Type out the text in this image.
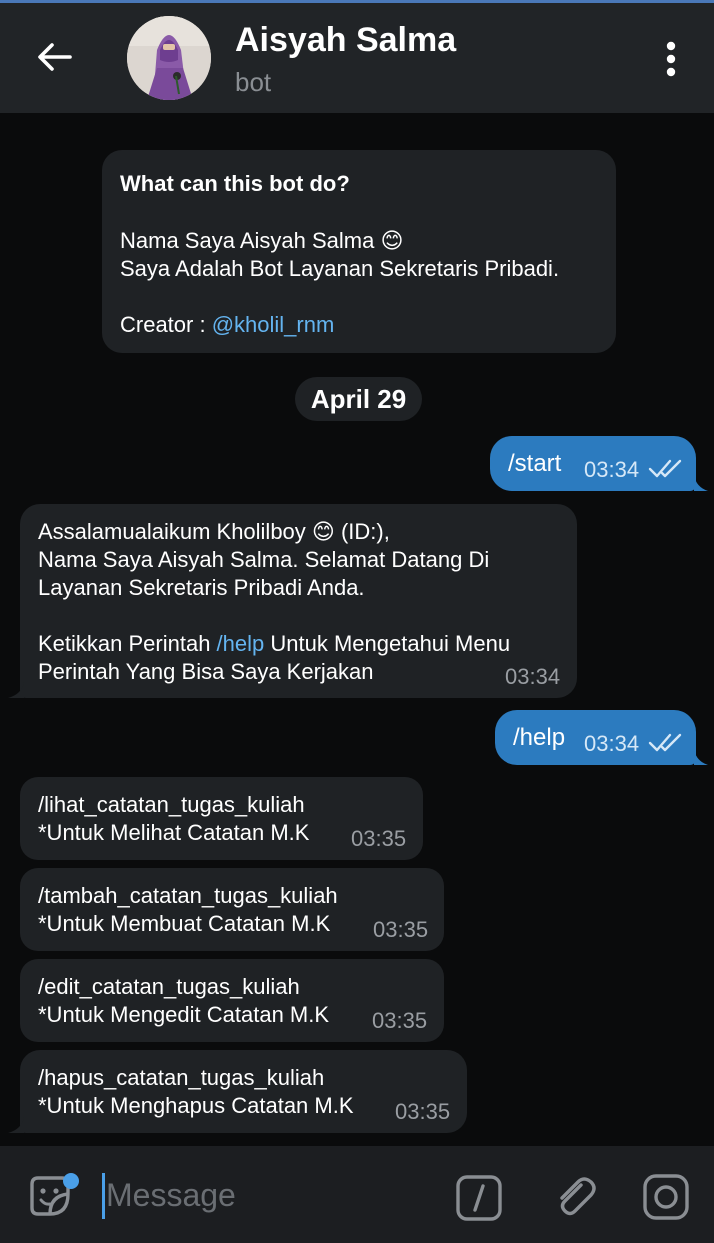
Aisyah Salma
bot
What can this bot do?
Nama Saya Aisyah Salma 😊
Saya Adalah Bot Layanan Sekretaris Pribadi.
Creator : @kholil_rnm
April 29
/start 03:34
Assalamualaikum Kholilboy 😊 (ID:),
Nama Saya Aisyah Salma. Selamat Datang Di
Layanan Sekretaris Pribadi Anda.
Ketikkan Perintah /help Untuk Mengetahui Menu
Perintah Yang Bisa Saya Kerjakan	03:34
/help 03:34
/lihat_catatan_tugas_kuliah
*Untuk Melihat Catatan M.K	03:35
/tambah_catatan_tugas_kuliah
*Untuk Membuat Catatan M.K	03:35
/edit_catatan_tugas_kuliah
*Untuk Mengedit Catatan M.K	03:35
/hapus_catatan_tugas_kuliah
*Untuk Menghapus Catatan M.K	03:35
Message
